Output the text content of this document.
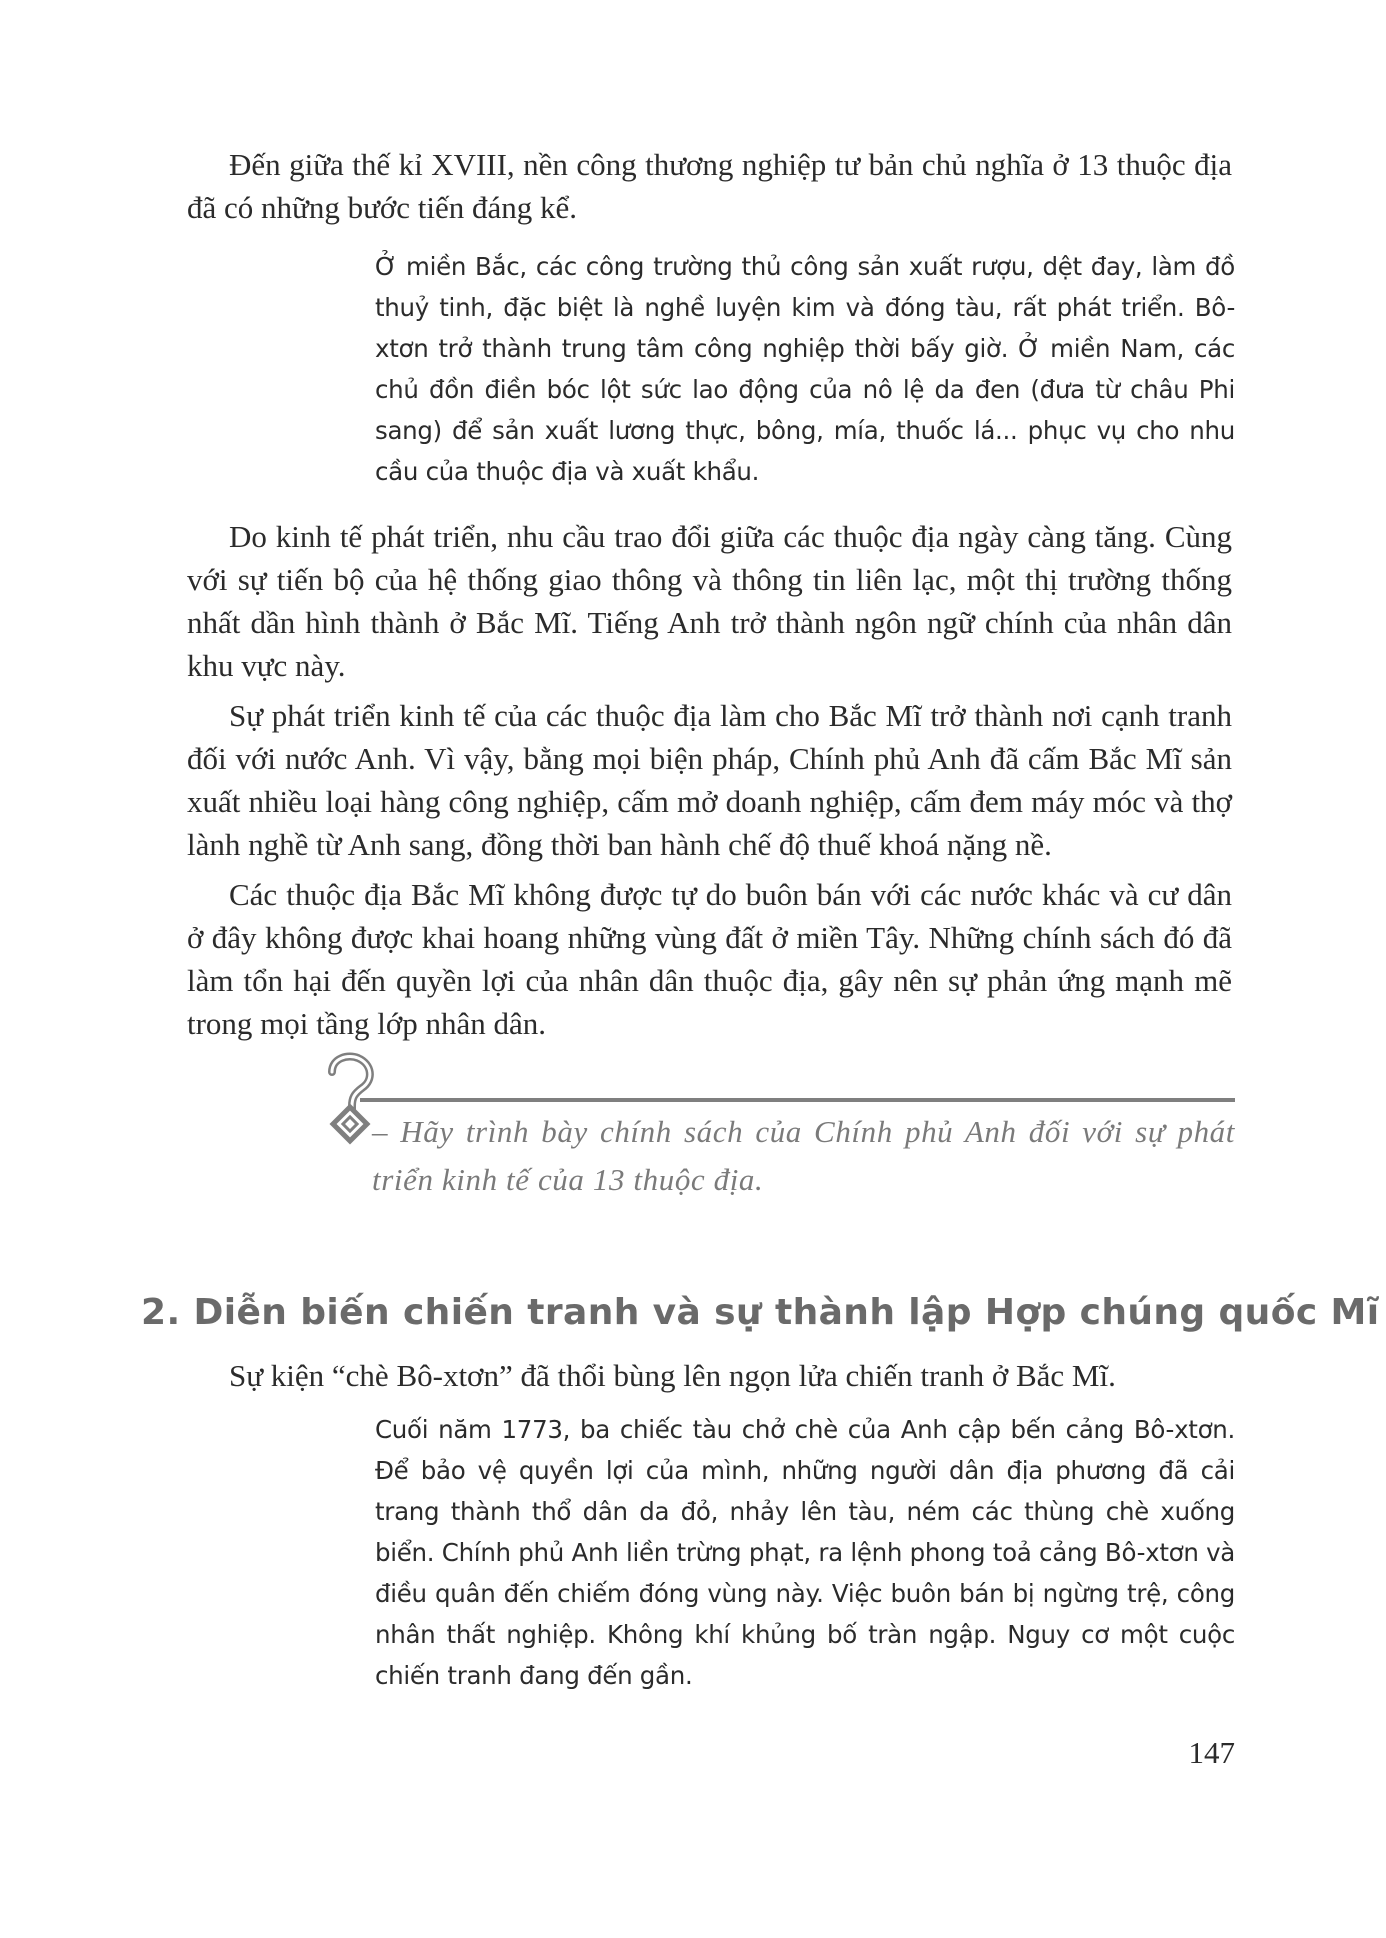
Đến giữa thế kỉ XVIII, nền công thương nghiệp tư bản chủ nghĩa ở 13 thuộc địa đã có những bước tiến đáng kể.

Ở miền Bắc, các công trường thủ công sản xuất rượu, dệt đay, làm đồ thuỷ tinh, đặc biệt là nghề luyện kim và đóng tàu, rất phát triển. Bô-xtơn trở thành trung tâm công nghiệp thời bấy giờ. Ở miền Nam, các chủ đồn điền bóc lột sức lao động của nô lệ da đen (đưa từ châu Phi sang) để sản xuất lương thực, bông, mía, thuốc lá... phục vụ cho nhu cầu của thuộc địa và xuất khẩu.

Do kinh tế phát triển, nhu cầu trao đổi giữa các thuộc địa ngày càng tăng. Cùng với sự tiến bộ của hệ thống giao thông và thông tin liên lạc, một thị trường thống nhất dần hình thành ở Bắc Mĩ. Tiếng Anh trở thành ngôn ngữ chính của nhân dân khu vực này.

Sự phát triển kinh tế của các thuộc địa làm cho Bắc Mĩ trở thành nơi cạnh tranh đối với nước Anh. Vì vậy, bằng mọi biện pháp, Chính phủ Anh đã cấm Bắc Mĩ sản xuất nhiều loại hàng công nghiệp, cấm mở doanh nghiệp, cấm đem máy móc và thợ lành nghề từ Anh sang, đồng thời ban hành chế độ thuế khoá nặng nề.

Các thuộc địa Bắc Mĩ không được tự do buôn bán với các nước khác và cư dân ở đây không được khai hoang những vùng đất ở miền Tây. Những chính sách đó đã làm tổn hại đến quyền lợi của nhân dân thuộc địa, gây nên sự phản ứng mạnh mẽ trong mọi tầng lớp nhân dân.

– Hãy trình bày chính sách của Chính phủ Anh đối với sự phát triển kinh tế của 13 thuộc địa.

2. Diễn biến chiến tranh và sự thành lập Hợp chúng quốc Mĩ

Sự kiện “chè Bô-xtơn” đã thổi bùng lên ngọn lửa chiến tranh ở Bắc Mĩ.

Cuối năm 1773, ba chiếc tàu chở chè của Anh cập bến cảng Bô-xtơn. Để bảo vệ quyền lợi của mình, những người dân địa phương đã cải trang thành thổ dân da đỏ, nhảy lên tàu, ném các thùng chè xuống biển. Chính phủ Anh liền trừng phạt, ra lệnh phong toả cảng Bô-xtơn và điều quân đến chiếm đóng vùng này. Việc buôn bán bị ngừng trệ, công nhân thất nghiệp. Không khí khủng bố tràn ngập. Nguy cơ một cuộc chiến tranh đang đến gần.

147
